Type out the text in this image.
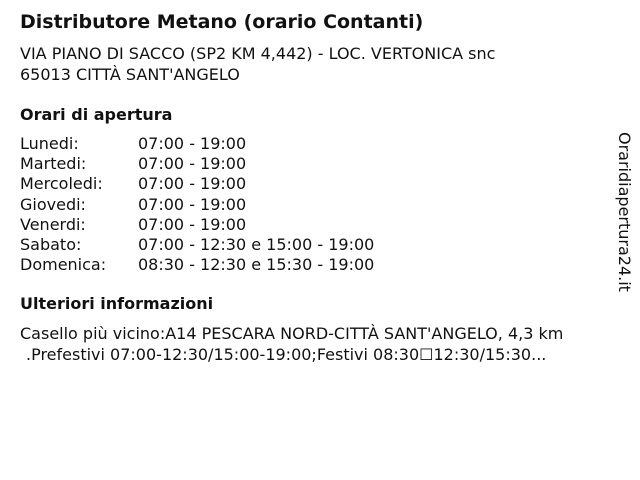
Distributore Metano (orario Contanti)
VIA PIANO DI SACCO (SP2 KM 4,442) - LOC. VERTONICA snc
65013 CITTÀ SANT'ANGELO
Orari di apertura
Lunedi:	07:00 - 19:00
Martedi:	07:00 - 19:00
Mercoledi: 07:00 - 19:00
Giovedi:	07:00 - 19:00
Venerdi:	07:00 - 19:00
Sabato:	07:00 - 12:30 e 15:00 - 19:00
Domenica: 08:30 - 12:30 e 15:30 - 19:00
Ulteriori informazioni
Casello più vicino:A14 PESCARA NORD-CITTÀ SANT'ANGELO, 4,3 km
.Prefestivi 07:00-12:30/15:00-19:00;Festivi 08:30☐12:30/15:30...
Oraridiapertura24.it
